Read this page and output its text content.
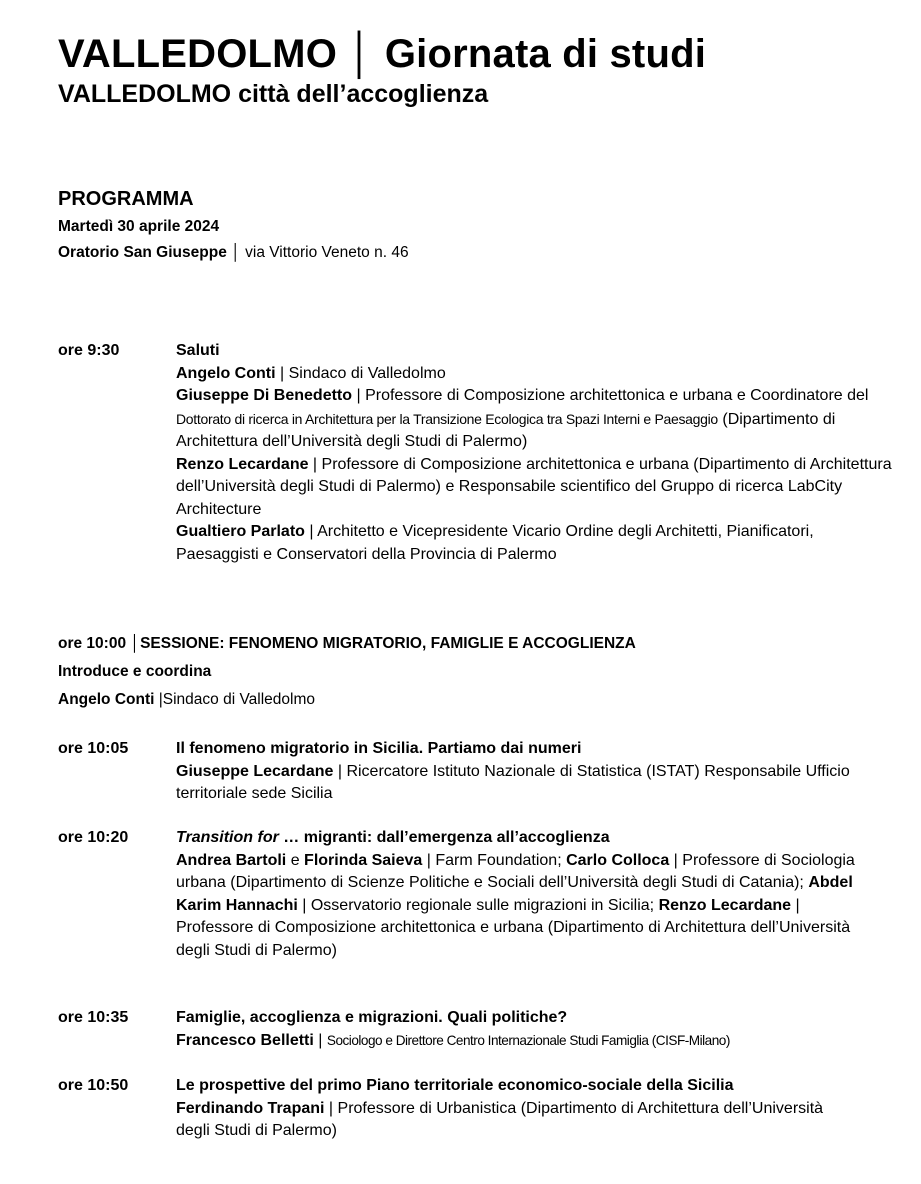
VALLEDOLMO │ Giornata di studi
VALLEDOLMO città dell’accoglienza
PROGRAMMA
Martedì 30 aprile 2024
Oratorio San Giuseppe │ via Vittorio Veneto n. 46
ore 9:30	Saluti
Angelo Conti | Sindaco di Valledolmo
Giuseppe Di Benedetto | Professore di Composizione architettonica e urbana e Coordinatore del Dottorato di ricerca in Architettura per la Transizione Ecologica tra Spazi Interni e Paesaggio (Dipartimento di Architettura dell’Università degli Studi di Palermo)
Renzo Lecardane | Professore di Composizione architettonica e urbana (Dipartimento di Architettura dell’Università degli Studi di Palermo) e Responsabile scientifico del Gruppo di ricerca LabCity Architecture
Gualtiero Parlato | Architetto e Vicepresidente Vicario Ordine degli Architetti, Pianificatori, Paesaggisti e Conservatori della Provincia di Palermo
ore 10:00 │SESSIONE: FENOMENO MIGRATORIO, FAMIGLIE E ACCOGLIENZA
Introduce e coordina
Angelo Conti |Sindaco di Valledolmo
ore 10:05	Il fenomeno migratorio in Sicilia. Partiamo dai numeri
Giuseppe Lecardane | Ricercatore Istituto Nazionale di Statistica (ISTAT) Responsabile Ufficio territoriale sede Sicilia
ore 10:20	Transition for … migranti: dall’emergenza all’accoglienza
Andrea Bartoli e Florinda Saieva | Farm Foundation; Carlo Colloca | Professore di Sociologia urbana (Dipartimento di Scienze Politiche e Sociali dell’Università degli Studi di Catania); Abdel Karim Hannachi | Osservatorio regionale sulle migrazioni in Sicilia; Renzo Lecardane | Professore di Composizione architettonica e urbana (Dipartimento di Architettura dell’Università degli Studi di Palermo)
ore 10:35	Famiglie, accoglienza e migrazioni. Quali politiche?
Francesco Belletti | Sociologo e Direttore Centro Internazionale Studi Famiglia (CISF-Milano)
ore 10:50	Le prospettive del primo Piano territoriale economico-sociale della Sicilia
Ferdinando Trapani | Professore di Urbanistica (Dipartimento di Architettura dell’Università degli Studi di Palermo)
